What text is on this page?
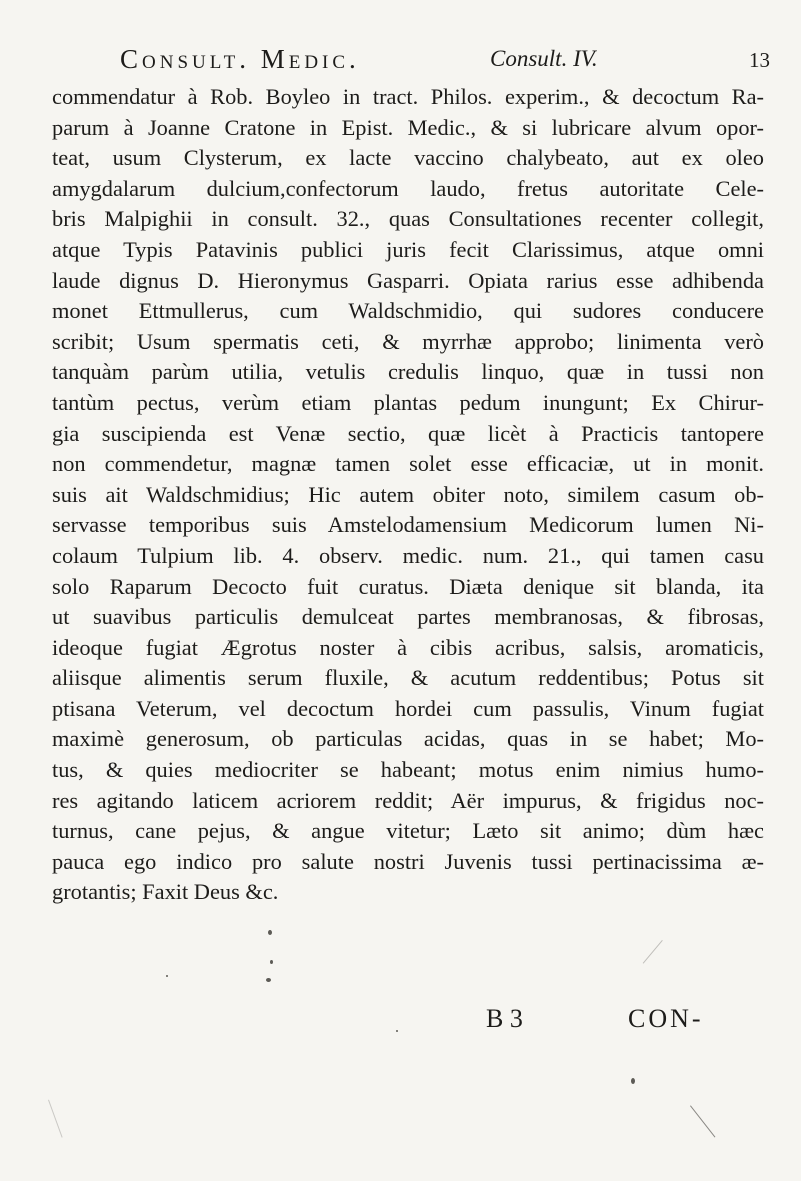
Consult. Medic.	Consult. IV.	13
commendatur à Rob. Boyleo in tract. Philos. experim., & decoctum Ra-
parum à Joanne Cratone in Epist. Medic., & si lubricare alvum opor-
teat, usum Clysterum, ex lacte vaccino chalybeato, aut ex oleo
amygdalarum dulcium,confectorum laudo, fretus autoritate Cele-
bris Malpighii in consult. 32., quas Consultationes recenter collegit,
atque Typis Patavinis publici juris fecit Clarissimus, atque omni
laude dignus D. Hieronymus Gasparri. Opiata rarius esse adhibenda
monet Ettmullerus, cum Waldschmidio, qui sudores conducere
scribit; Usum spermatis ceti, & myrrhæ approbo; linimenta verò
tanquàm parùm utilia, vetulis credulis linquo, quæ in tussi non
tantùm pectus, verùm etiam plantas pedum inungunt; Ex Chirur-
gia suscipienda est Venæ sectio, quæ licèt à Practicis tantopere
non commendetur, magnæ tamen solet esse efficaciæ, ut in monit.
suis ait Waldschmidius; Hic autem obiter noto, similem casum ob-
servasse temporibus suis Amstelodamensium Medicorum lumen Ni-
colaum Tulpium lib. 4. observ. medic. num. 21., qui tamen casu
solo Raparum Decocto fuit curatus. Diæta denique sit blanda, ita
ut suavibus particulis demulceat partes membranosas, & fibrosas,
ideoque fugiat Ægrotus noster à cibis acribus, salsis, aromaticis,
aliisque alimentis serum fluxile, & acutum reddentibus; Potus sit
ptisana Veterum, vel decoctum hordei cum passulis, Vinum fugiat
maximè generosum, ob particulas acidas, quas in se habet; Mo-
tus, & quies mediocriter se habeant; motus enim nimius humo-
res agitando laticem acriorem reddit; Aër impurus, & frigidus noc-
turnus, cane pejus, & angue vitetur; Læto sit animo; dùm hæc
pauca ego indico pro salute nostri Juvenis tussi pertinacissima æ-
grotantis; Faxit Deus &c.
B 3	CON-
